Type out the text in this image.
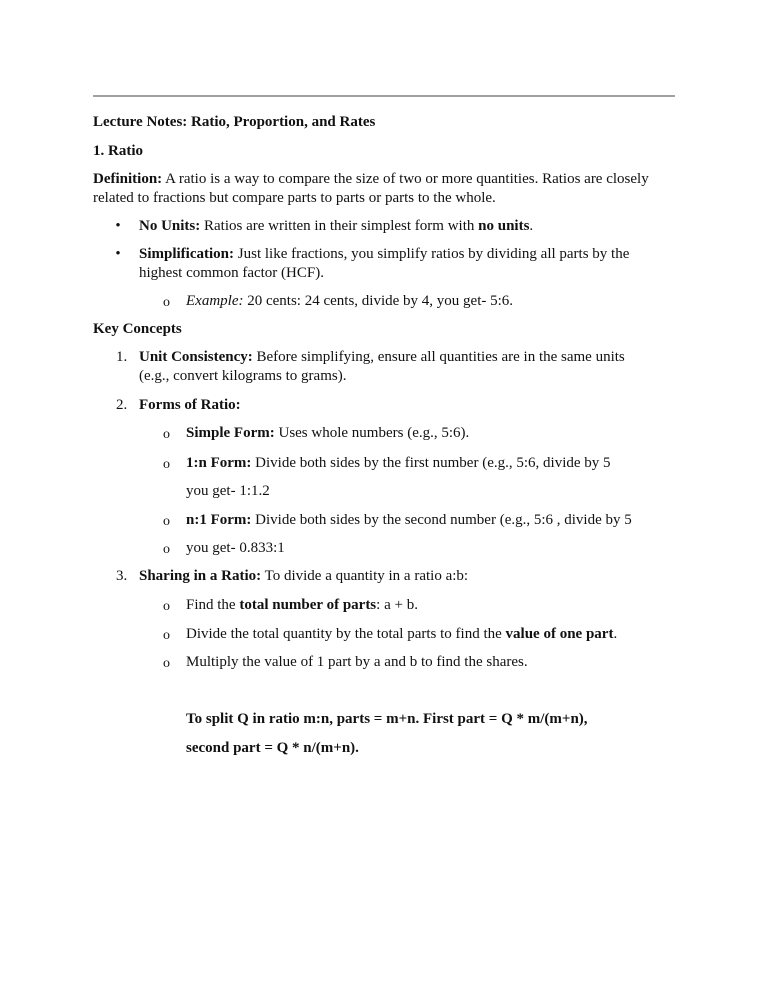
Lecture Notes: Ratio, Proportion, and Rates
1. Ratio
Definition: A ratio is a way to compare the size of two or more quantities. Ratios are closely
related to fractions but compare parts to parts or parts to the whole.
• No Units: Ratios are written in their simplest form with no units.
• Simplification: Just like fractions, you simplify ratios by dividing all parts by the
highest common factor (HCF).
o Example: 20 cents: 24 cents, divide by 4, you get- 5:6.
Key Concepts
1. Unit Consistency: Before simplifying, ensure all quantities are in the same units
(e.g., convert kilograms to grams).
2. Forms of Ratio:
o Simple Form: Uses whole numbers (e.g., 5:6).
o 1:n Form: Divide both sides by the first number (e.g., 5:6, divide by 5
you get- 1:1.2
o n:1 Form: Divide both sides by the second number (e.g., 5:6 , divide by 5
o you get- 0.833:1
3. Sharing in a Ratio: To divide a quantity in a ratio a:b:
o Find the total number of parts: a + b.
o Divide the total quantity by the total parts to find the value of one part.
o Multiply the value of 1 part by a and b to find the shares.
To split Q in ratio m:n, parts = m+n. First part = Q * m/(m+n),
second part = Q * n/(m+n).
